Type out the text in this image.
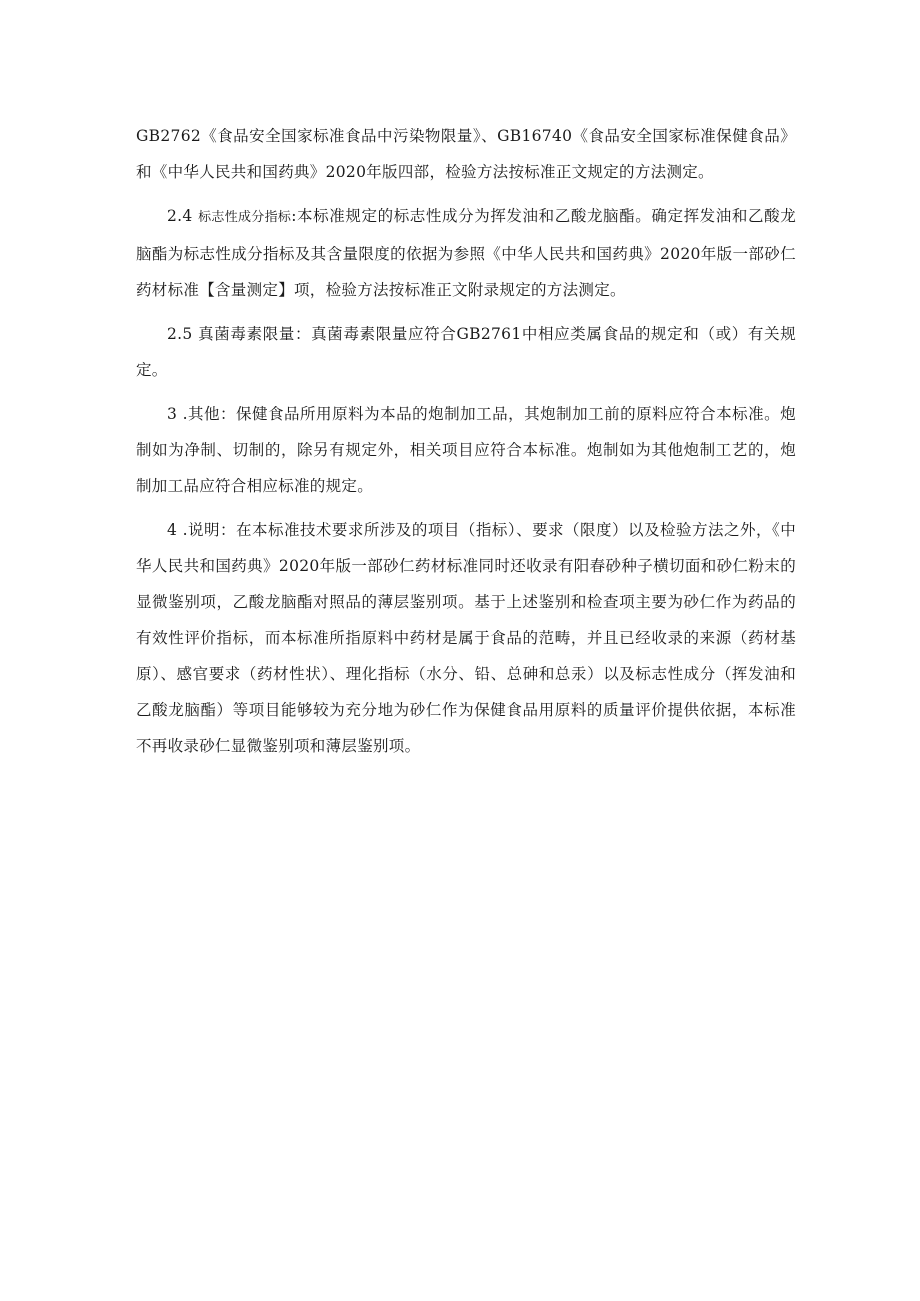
GB2762《食品安全国家标准食品中污染物限量》、GB16740《食品安全国家标准保健食品》和《中华人民共和国药典》2020年版四部，检验方法按标准正文规定的方法测定。

2.4 标志性成分指标:本标准规定的标志性成分为挥发油和乙酸龙脑酯。确定挥发油和乙酸龙脑酯为标志性成分指标及其含量限度的依据为参照《中华人民共和国药典》2020年版一部砂仁药材标准【含量测定】项，检验方法按标准正文附录规定的方法测定。

2.5 真菌毒素限量：真菌毒素限量应符合GB2761中相应类属食品的规定和（或）有关规定。

3 .其他：保健食品所用原料为本品的炮制加工品，其炮制加工前的原料应符合本标准。炮制如为净制、切制的，除另有规定外，相关项目应符合本标准。炮制如为其他炮制工艺的，炮制加工品应符合相应标准的规定。

4 .说明：在本标准技术要求所涉及的项目（指标）、要求（限度）以及检验方法之外，《中华人民共和国药典》2020年版一部砂仁药材标准同时还收录有阳春砂种子横切面和砂仁粉末的显微鉴别项，乙酸龙脑酯对照品的薄层鉴别项。基于上述鉴别和检查项主要为砂仁作为药品的有效性评价指标，而本标准所指原料中药材是属于食品的范畴，并且已经收录的来源（药材基原）、感官要求（药材性状）、理化指标（水分、铅、总砷和总汞）以及标志性成分（挥发油和乙酸龙脑酯）等项目能够较为充分地为砂仁作为保健食品用原料的质量评价提供依据，本标准不再收录砂仁显微鉴别项和薄层鉴别项。
